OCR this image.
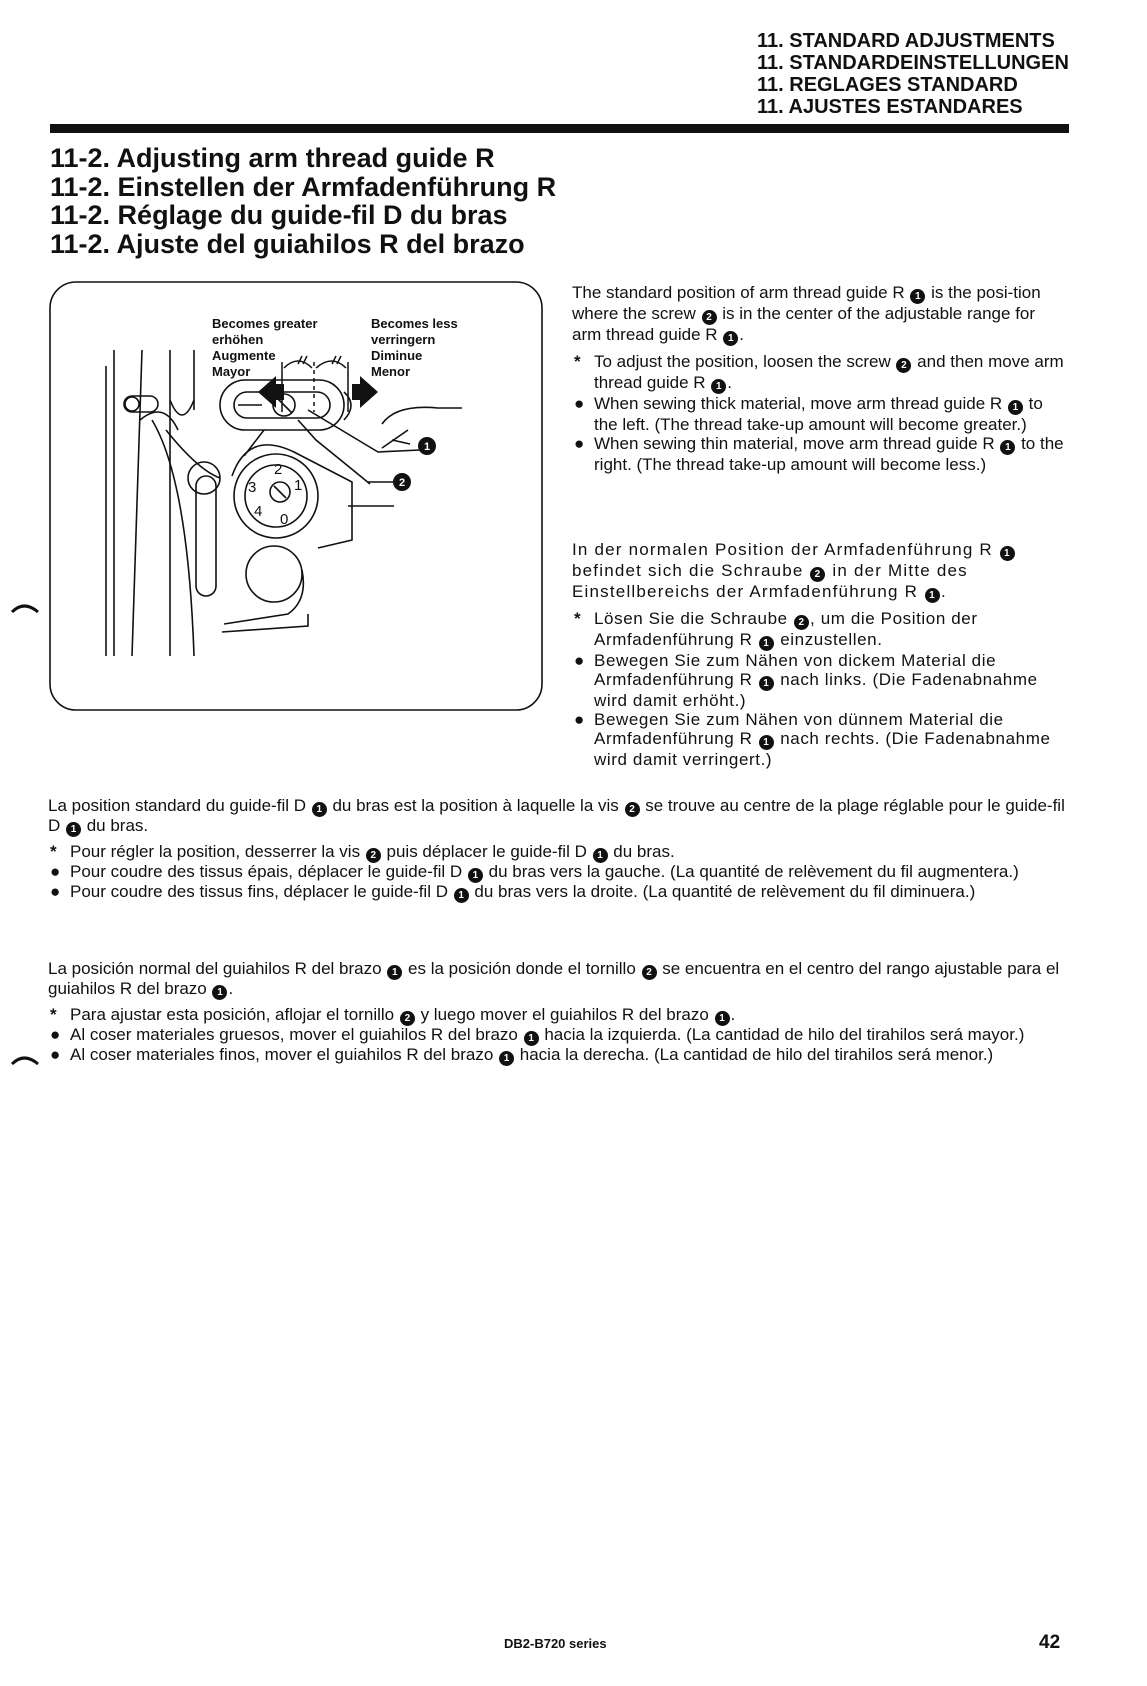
11. STANDARD ADJUSTMENTS
11. STANDARDEINSTELLUNGEN
11. REGLAGES STANDARD
11. AJUSTES ESTANDARES
11-2. Adjusting arm thread guide R
11-2. Einstellen der Armfadenführung R
11-2. Réglage du guide-fil D du bras
11-2. Ajuste del guiahilos R del brazo
Becomes greater
erhöhen
Augmente
Mayor
Becomes less
verringern
Diminue
Menor
2
1
3
4 0
1
2

The standard position of arm thread guide R 1 is the posi-tion where the screw 2 is in the center of the adjustable range for arm thread guide R 1 .

* To adjust the position, loosen the screw 2 and then move arm thread guide R 1 .
● When sewing thick material, move arm thread guide R 1 to the left. (The thread take-up amount will become greater.)
● When sewing thin material, move arm thread guide R 1 to the right. (The thread take-up amount will become less.)

In der normalen Position der Armfadenführung R 1 befindet sich die Schraube 2 in der Mitte des Einstellbereichs der Armfadenführung R 1 .

* Lösen Sie die Schraube 2 , um die Position der Armfadenführung R 1 einzustellen.
● Bewegen Sie zum Nähen von dickem Material die Armfadenführung R 1 nach links. (Die Fadenabnahme wird damit erhöht.)
● Bewegen Sie zum Nähen von dünnem Material die Armfadenführung R 1 nach rechts. (Die Fadenabnahme wird damit verringert.)

La position standard du guide-fil D 1 du bras est la position à laquelle la vis 2 se trouve au centre de la plage réglable pour le guide-fil D 1 du bras.

* Pour régler la position, desserrer la vis 2 puis déplacer le guide-fil D 1 du bras.
● Pour coudre des tissus épais, déplacer le guide-fil D 1 du bras vers la gauche. (La quantité de relèvement du fil augmentera.)
● Pour coudre des tissus fins, déplacer le guide-fil D 1 du bras vers la droite. (La quantité de relèvement du fil diminuera.)

La posición normal del guiahilos R del brazo 1 es la posición donde el tornillo 2 se encuentra en el centro del rango ajustable para el guiahilos R del brazo 1 .

* Para ajustar esta posición, aflojar el tornillo 2 y luego mover el guiahilos R del brazo 1 .
● Al coser materiales gruesos, mover el guiahilos R del brazo 1 hacia la izquierda. (La cantidad de hilo del tirahilos será mayor.)
● Al coser materiales finos, mover el guiahilos R del brazo 1 hacia la derecha. (La cantidad de hilo del tirahilos será menor.)
DB2-B720 series	42
